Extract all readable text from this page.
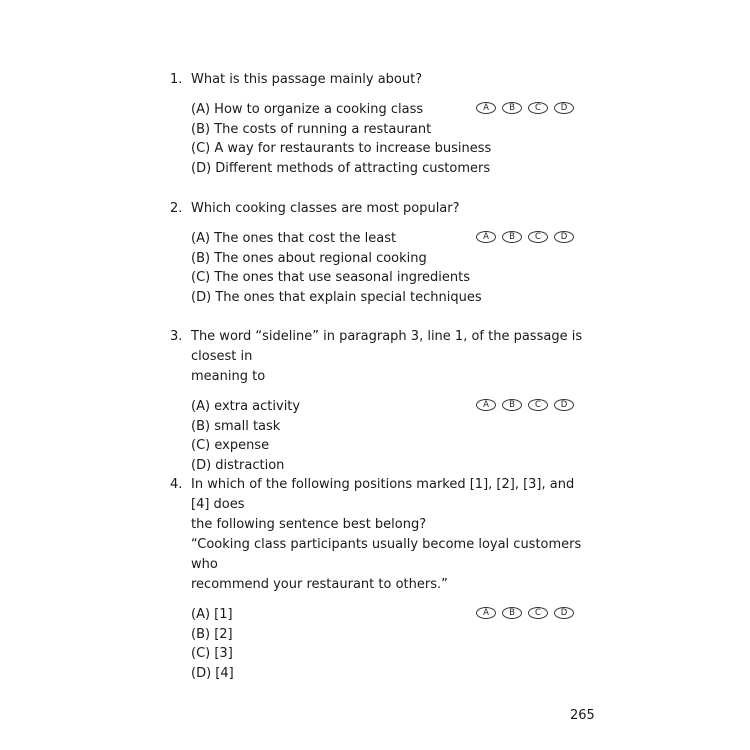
1. What is this passage mainly about?
(A) How to organize a cooking class
(B) The costs of running a restaurant
(C) A way for restaurants to increase business
(D) Different methods of attracting customers
A	B	C	D
2. Which cooking classes are most popular?
(A) The ones that cost the least
(B) The ones about regional cooking
(C) The ones that use seasonal ingredients
(D) The ones that explain special techniques
A	B	C	D
3. The word “sideline” in paragraph 3, line 1, of the passage is closest in
meaning to
(A) extra activity
(B) small task
(C) expense
(D) distraction
A	B	C	D
4. In which of the following positions marked [1], [2], [3], and [4] does
the following sentence best belong?
“Cooking class participants usually become loyal customers who
recommend your restaurant to others.”
(A) [1]
(B) [2]
(C) [3]
(D) [4]
A	B	C	D
265
